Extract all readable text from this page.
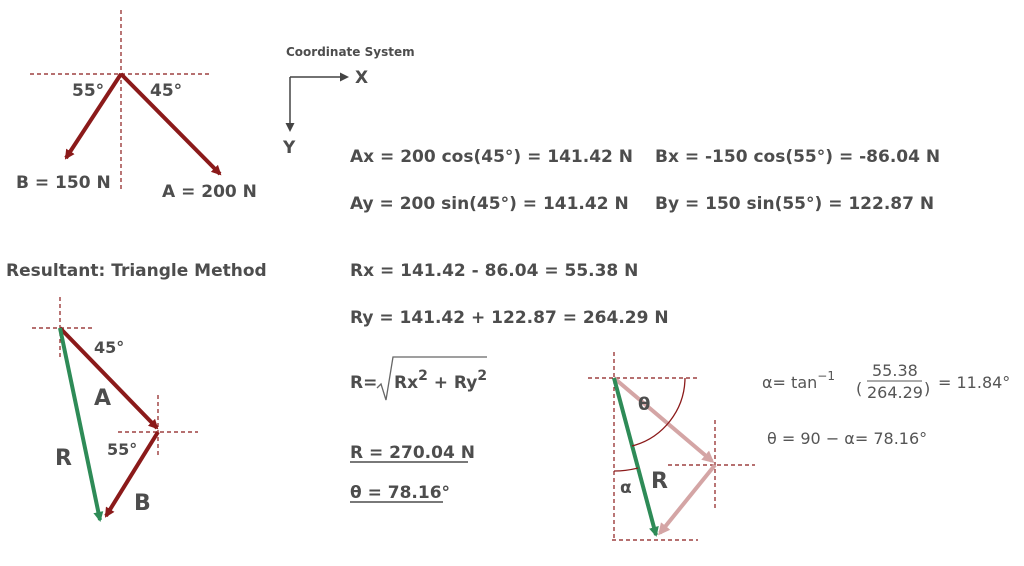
55°	45°
B = 150 N	A = 200 N
Coordinate System
X
Y	Ax = 200 cos(45°) = 141.42 N Bx = -150 cos(55°) = -86.04 N
Ay = 200 sin(45°) = 141.42 N By = 150 sin(55°) = 122.87 N
Rx = 141.42 - 86.04 = 55.38 N
Ry = 141.42 + 122.87 = 264.29 N
$R= Rx^2 + Ry^2$
R = 270.04 N
θ = 78.16°
Resultant: Triangle Method
45°
A
55°
B
R
θ
α R
$\alpha= \tan^{-1}$
(
55.38
264.29 ) = 11.84°
θ = 90 − α= 78.16°
